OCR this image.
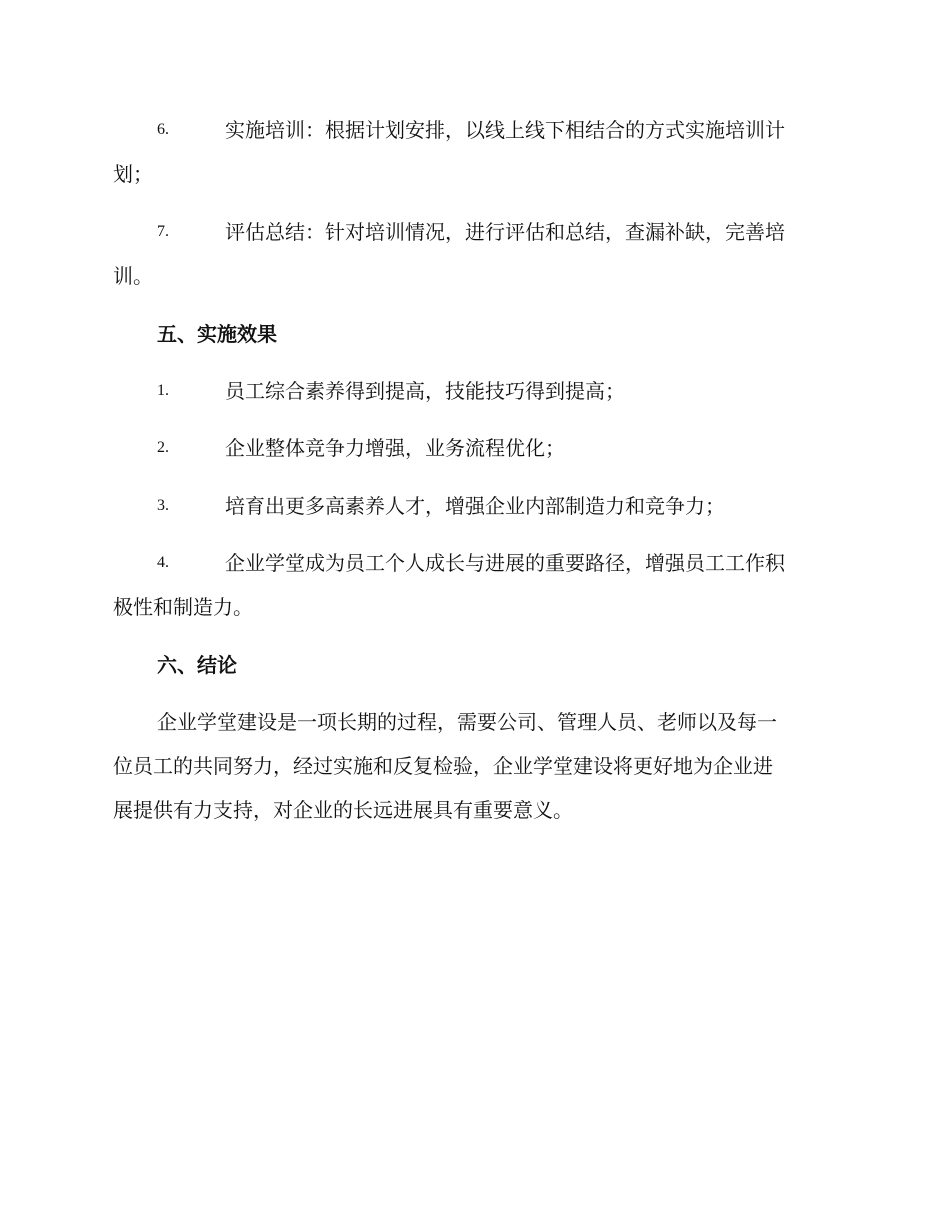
6.	实施培训：根据计划安排，以线上线下相结合的方式实施培训计
划；
7.	评估总结：针对培训情况，进行评估和总结，查漏补缺，完善培
训。
五、实施效果
1.	员工综合素养得到提高，技能技巧得到提高；
2.	企业整体竞争力增强，业务流程优化；
3.	培育出更多高素养人才，增强企业内部制造力和竞争力；
4.	企业学堂成为员工个人成长与进展的重要路径，增强员工工作积
极性和制造力。
六、结论
企业学堂建设是一项长期的过程，需要公司、管理人员、老师以及每一
位员工的共同努力，经过实施和反复检验，企业学堂建设将更好地为企业进
展提供有力支持，对企业的长远进展具有重要意义。
